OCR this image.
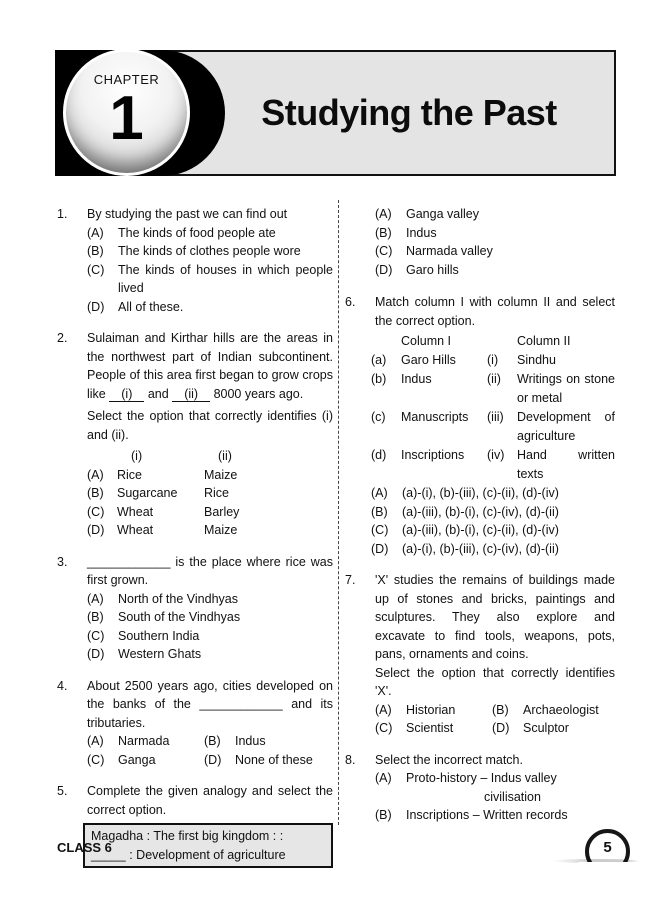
CHAPTER
1	Studying the Past
1.	By studying the past we can find out
(A)	The kinds of food people ate
(B)	The kinds of clothes people wore
(C)	The kinds of houses in which people lived
(D)	All of these.
2.	Sulaiman and Kirthar hills are the areas in the northwest part of Indian subcontinent. People of this area first began to grow crops like (i) and (ii) 8000 years ago.
Select the option that correctly identifies (i) and (ii).
(i)	(ii)
(A)	Rice	Maize
(B)	Sugarcane	Rice
(C)	Wheat	Barley
(D)	Wheat	Maize
3.	____________ is the place where rice was first grown.
(A)	North of the Vindhyas
(B)	South of the Vindhyas
(C)	Southern India
(D)	Western Ghats
4.	About 2500 years ago, cities developed on the banks of the ____________ and its tributaries.
(A)	Narmada	(B)	Indus
(C)	Ganga	(D)	None of these
5.	Complete the given analogy and select the correct option.
Magadha : The first big kingdom : :
_____ : Development of agriculture
(A)	Ganga valley
(B)	Indus
(C)	Narmada valley
(D)	Garo hills
6.	Match column I with column II and select the correct option.
Column I	Column II
(a)	Garo Hills	(i)	Sindhu
(b)	Indus	(ii)	Writings on stone or metal
(c)	Manuscripts	(iii)	Development of agriculture
(d)	Inscriptions	(iv)	Hand written texts
(A)	(a)-(i), (b)-(iii), (c)-(ii), (d)-(iv)
(B)	(a)-(iii), (b)-(i), (c)-(iv), (d)-(ii)
(C)	(a)-(iii), (b)-(i), (c)-(ii), (d)-(iv)
(D)	(a)-(i), (b)-(iii), (c)-(iv), (d)-(ii)
7.	'X' studies the remains of buildings made up of stones and bricks, paintings and sculptures. They also explore and excavate to find tools, weapons, pots, pans, ornaments and coins.
Select the option that correctly identifies 'X'.
(A)	Historian	(B)	Archaeologist
(C)	Scientist	(D)	Sculptor
8.	Select the incorrect match.
(A)	Proto-history – Indus valley
civilisation
(B)	Inscriptions – Written records
CLASS 6	5
